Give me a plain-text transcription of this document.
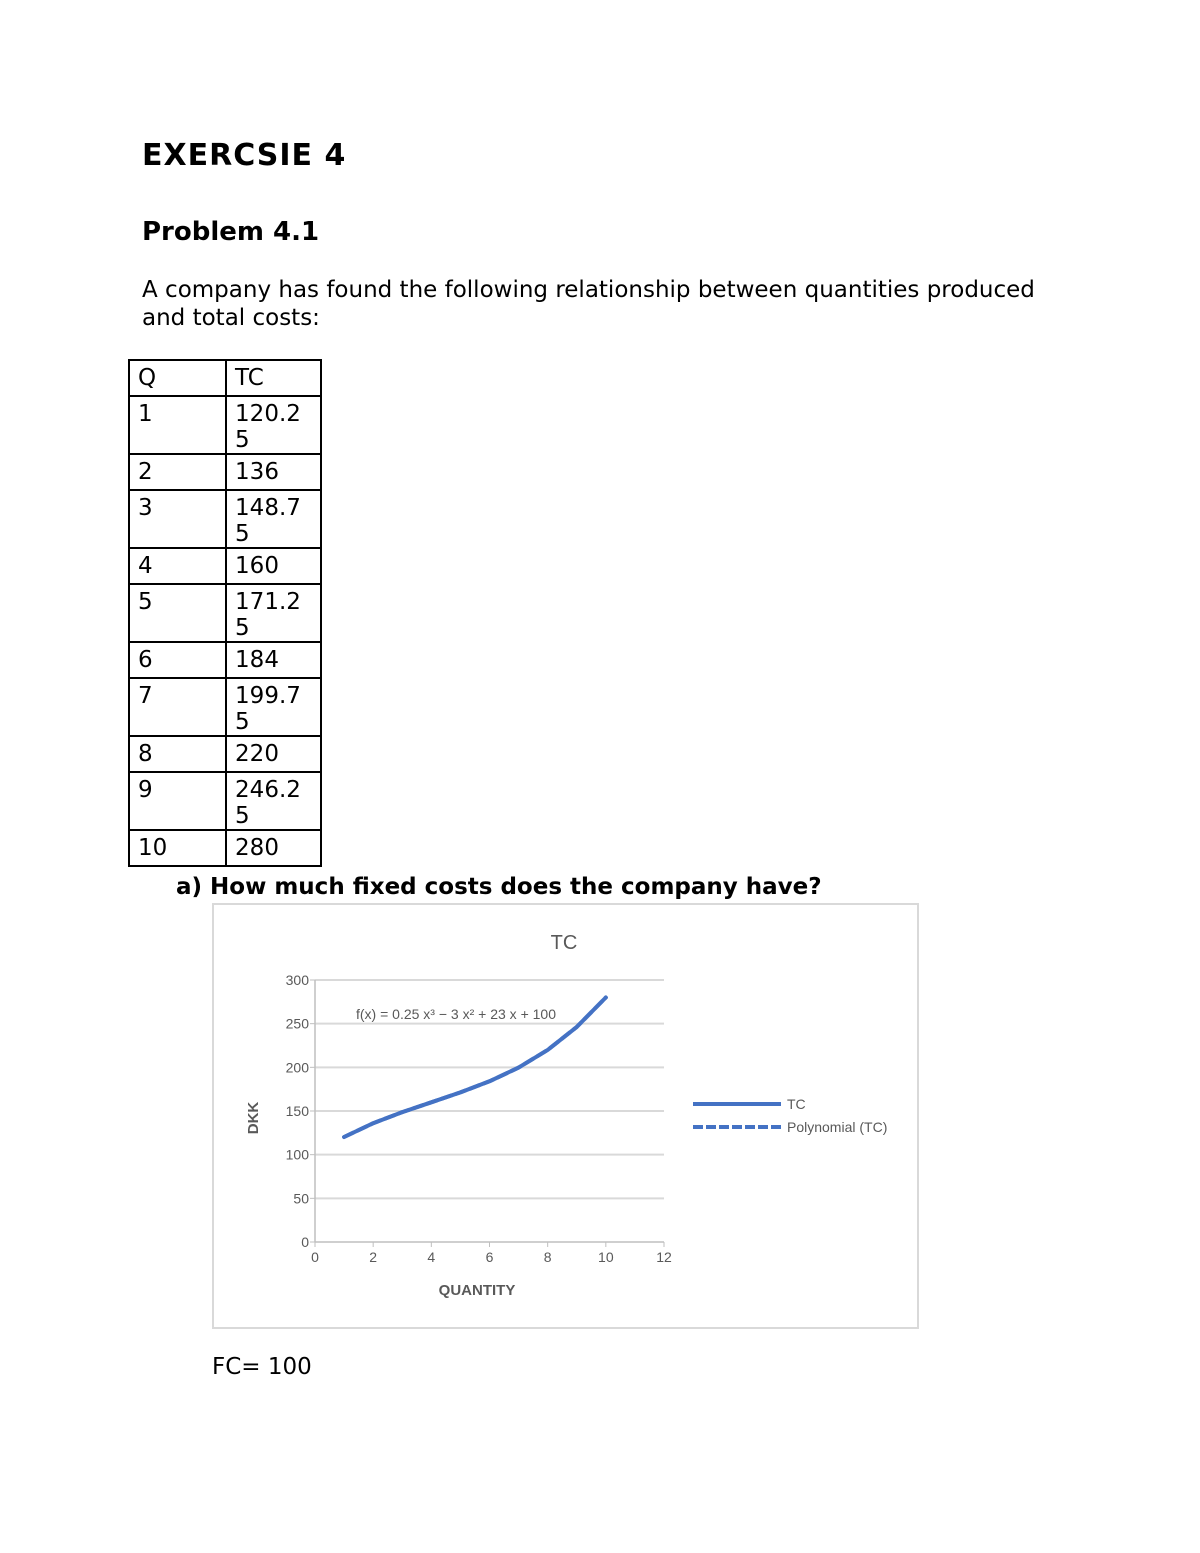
EXERCSIE 4
Problem 4.1
A company has found the following relationship between quantities produced and total costs:
Q	TC
1	120.25
2	136
3	148.75
4	160
5	171.25
6	184
7	199.75
8	220
9	246.25
10	280
a) How much fixed costs does the company have?
TC
0
50
100
150
200
250
300
0	2	4	6	8	10	12
QUANTITY
DKK
f(x) = 0.25 x³ − 3 x² + 23 x + 100
TC
Polynomial (TC)
FC= 100
